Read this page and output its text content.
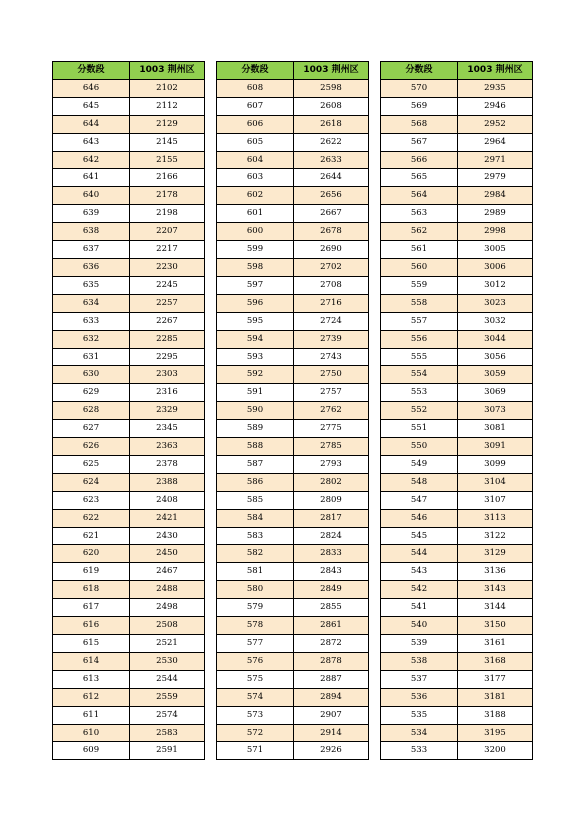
分数段	1003 荆州区
646	2102
645	2112
644	2129
643	2145
642	2155
641	2166
640	2178
639	2198
638	2207
637	2217
636	2230
635	2245
634	2257
633	2267
632	2285
631	2295
630	2303
629	2316
628	2329
627	2345
626	2363
625	2378
624	2388
623	2408
622	2421
621	2430
620	2450
619	2467
618	2488
617	2498
616	2508
615	2521
614	2530
613	2544
612	2559
611	2574
610	2583
609	2591
分数段	1003 荆州区
608	2598
607	2608
606	2618
605	2622
604	2633
603	2644
602	2656
601	2667
600	2678
599	2690
598	2702
597	2708
596	2716
595	2724
594	2739
593	2743
592	2750
591	2757
590	2762
589	2775
588	2785
587	2793
586	2802
585	2809
584	2817
583	2824
582	2833
581	2843
580	2849
579	2855
578	2861
577	2872
576	2878
575	2887
574	2894
573	2907
572	2914
571	2926
分数段	1003 荆州区
570	2935
569	2946
568	2952
567	2964
566	2971
565	2979
564	2984
563	2989
562	2998
561	3005
560	3006
559	3012
558	3023
557	3032
556	3044
555	3056
554	3059
553	3069
552	3073
551	3081
550	3091
549	3099
548	3104
547	3107
546	3113
545	3122
544	3129
543	3136
542	3143
541	3144
540	3150
539	3161
538	3168
537	3177
536	3181
535	3188
534	3195
533	3200
